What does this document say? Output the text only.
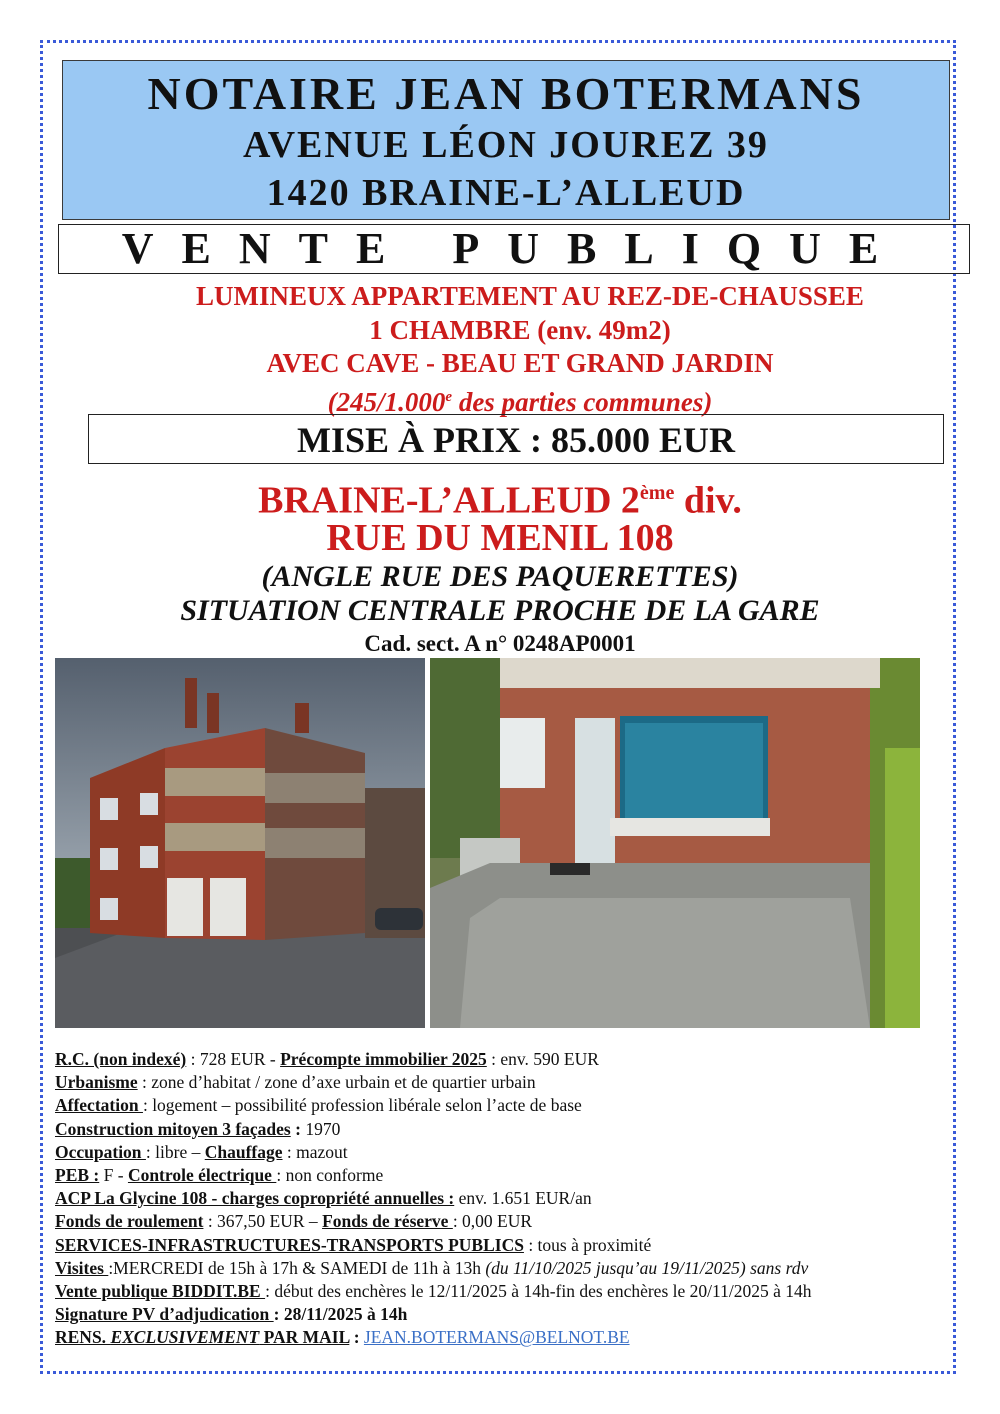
NOTAIRE JEAN BOTERMANS
AVENUE LÉON JOUREZ 39
1420 BRAINE-L’ALLEUD
VENTE PUBLIQUE
LUMINEUX APPARTEMENT AU REZ-DE-CHAUSSEE
1 CHAMBRE (env. 49m2)
AVEC CAVE - BEAU ET GRAND JARDIN
(245/1.000e des parties communes)
MISE À PRIX : 85.000 EUR
BRAINE-L’ALLEUD 2ème div.
RUE DU MENIL 108
(ANGLE RUE DES PAQUERETTES)
SITUATION CENTRALE PROCHE DE LA GARE
Cad. sect. A n° 0248AP0001
R.C. (non indexé) : 728 EUR - Précompte immobilier 2025 : env. 590 EUR
Urbanisme : zone d’habitat / zone d’axe urbain et de quartier urbain
Affectation : logement – possibilité profession libérale selon l’acte de base
Construction mitoyen 3 façades : 1970
Occupation : libre – Chauffage : mazout
PEB : F - Controle électrique : non conforme
ACP La Glycine 108 - charges copropriété annuelles : env. 1.651 EUR/an
Fonds de roulement : 367,50 EUR – Fonds de réserve : 0,00 EUR
SERVICES-INFRASTRUCTURES-TRANSPORTS PUBLICS : tous à proximité
Visites :MERCREDI de 15h à 17h & SAMEDI de 11h à 13h (du 11/10/2025 jusqu’au 19/11/2025) sans rdv
Vente publique BIDDIT.BE : début des enchères le 12/11/2025 à 14h-fin des enchères le 20/11/2025 à 14h
Signature PV d’adjudication : 28/11/2025 à 14h
RENS. EXCLUSIVEMENT PAR MAIL : JEAN.BOTERMANS@BELNOT.BE
